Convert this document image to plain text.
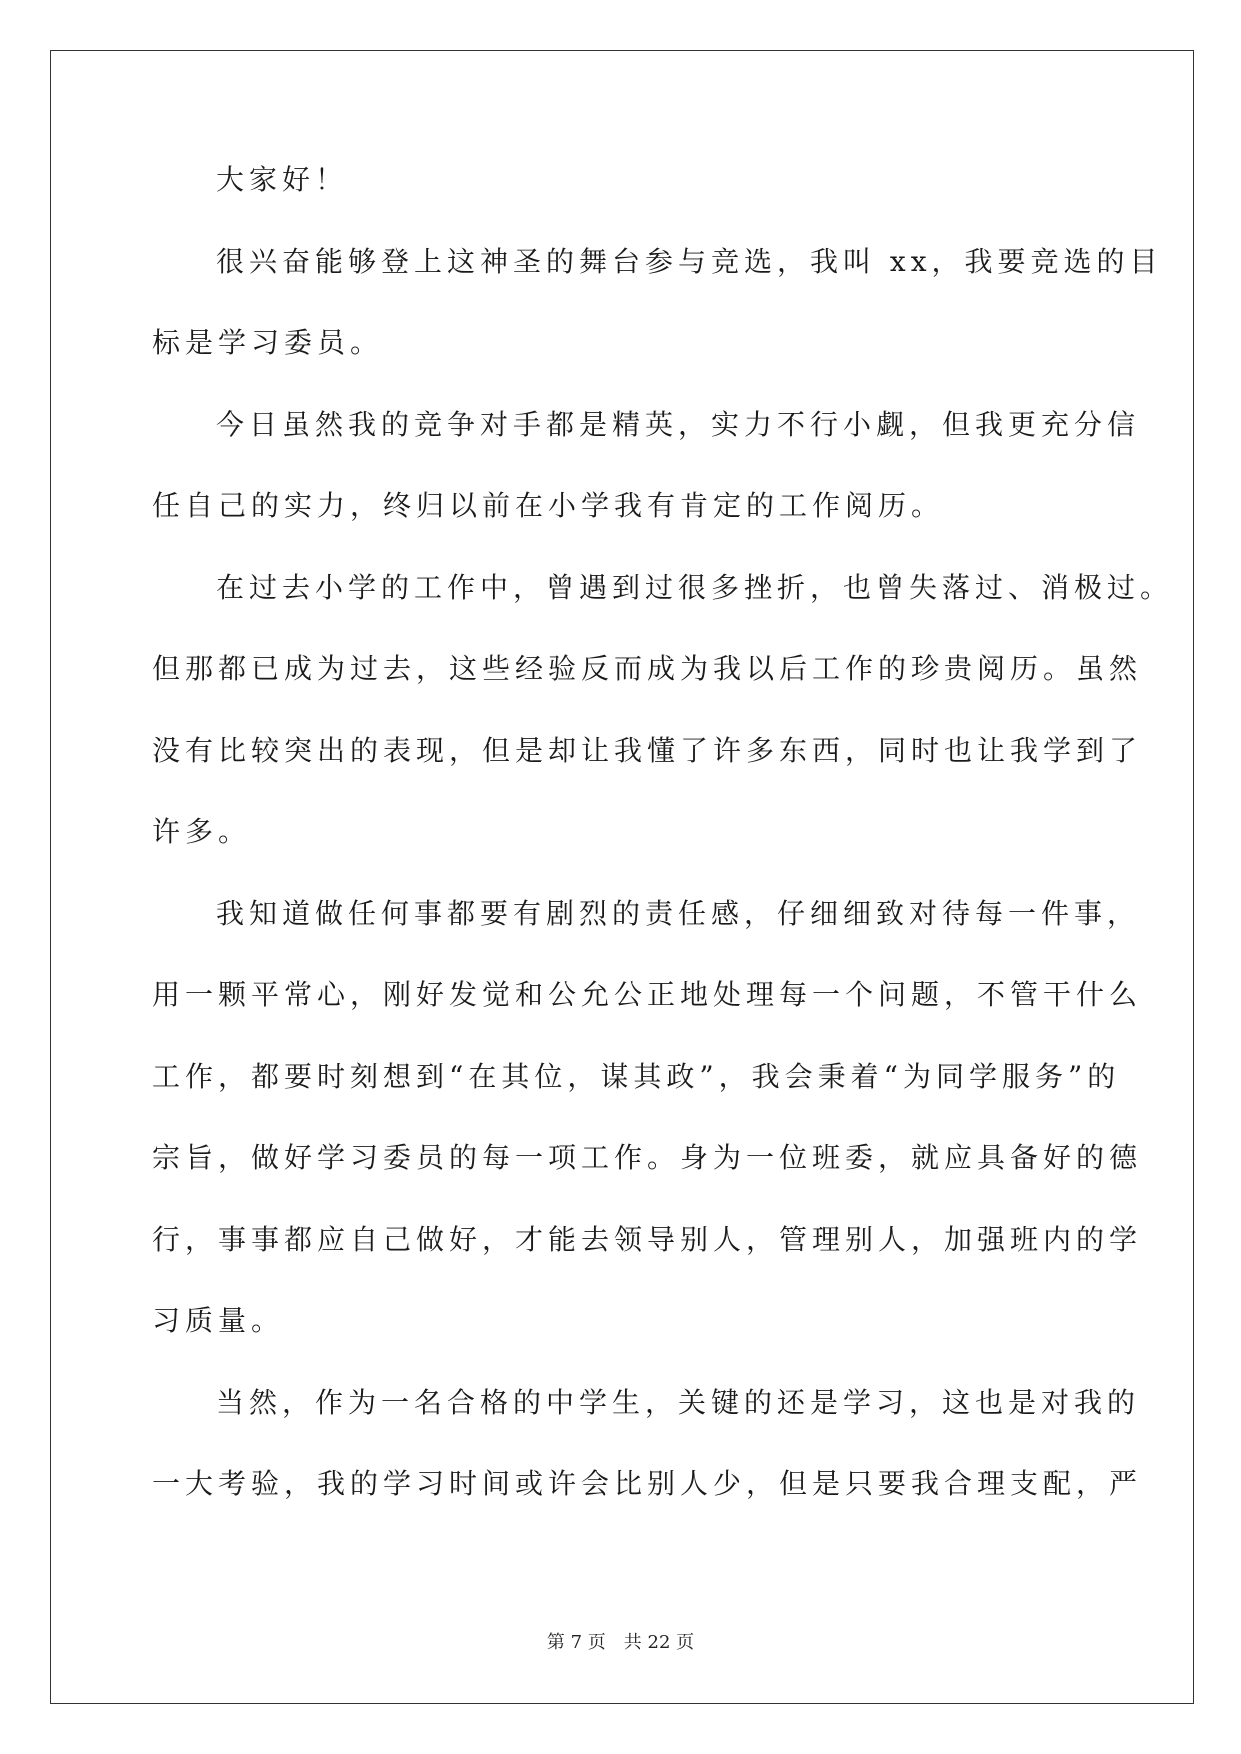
大家好！
很兴奋能够登上这神圣的舞台参与竞选，我叫 xx，我要竞选的目
标是学习委员。
今日虽然我的竞争对手都是精英，实力不行小觑，但我更充分信
任自己的实力，终归以前在小学我有肯定的工作阅历。
在过去小学的工作中，曾遇到过很多挫折，也曾失落过、消极过。
但那都已成为过去，这些经验反而成为我以后工作的珍贵阅历。虽然
没有比较突出的表现，但是却让我懂了许多东西，同时也让我学到了
许多。
我知道做任何事都要有剧烈的责任感，仔细细致对待每一件事，
用一颗平常心，刚好发觉和公允公正地处理每一个问题，不管干什么
工作，都要时刻想到“在其位，谋其政”，我会秉着“为同学服务”的
宗旨，做好学习委员的每一项工作。身为一位班委，就应具备好的德
行，事事都应自己做好，才能去领导别人，管理别人，加强班内的学
习质量。
当然，作为一名合格的中学生，关键的还是学习，这也是对我的
一大考验，我的学习时间或许会比别人少，但是只要我合理支配，严
第 7 页　共 22 页
